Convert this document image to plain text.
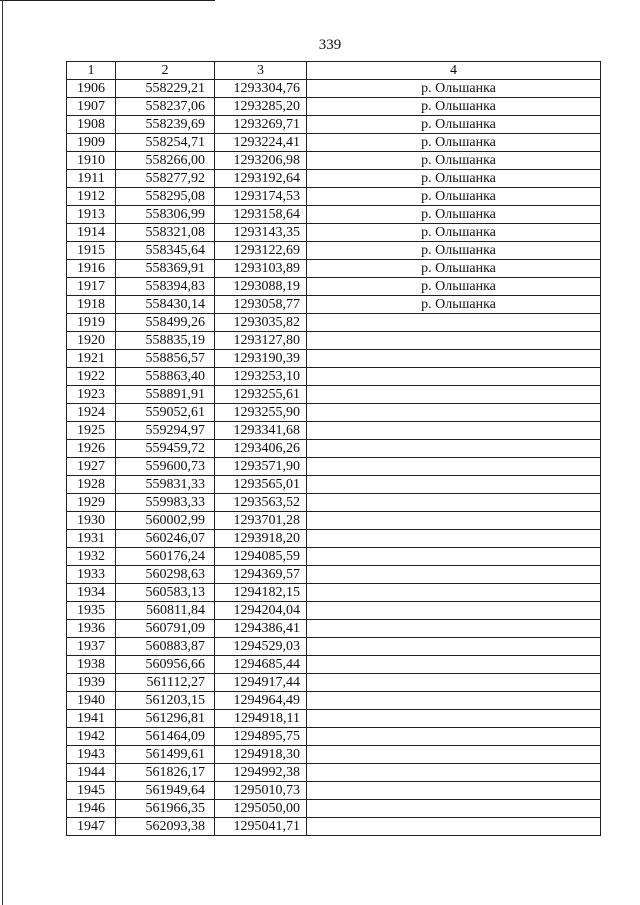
339
1	2	3	4
1906	558229,21	1293304,76	р. Ольшанка
1907	558237,06	1293285,20	р. Ольшанка
1908	558239,69	1293269,71	р. Ольшанка
1909	558254,71	1293224,41	р. Ольшанка
1910	558266,00	1293206,98	р. Ольшанка
1911	558277,92	1293192,64	р. Ольшанка
1912	558295,08	1293174,53	р. Ольшанка
1913	558306,99	1293158,64	р. Ольшанка
1914	558321,08	1293143,35	р. Ольшанка
1915	558345,64	1293122,69	р. Ольшанка
1916	558369,91	1293103,89	р. Ольшанка
1917	558394,83	1293088,19	р. Ольшанка
1918	558430,14	1293058,77	р. Ольшанка
1919	558499,26	1293035,82	
1920	558835,19	1293127,80	
1921	558856,57	1293190,39	
1922	558863,40	1293253,10	
1923	558891,91	1293255,61	
1924	559052,61	1293255,90	
1925	559294,97	1293341,68	
1926	559459,72	1293406,26	
1927	559600,73	1293571,90	
1928	559831,33	1293565,01	
1929	559983,33	1293563,52	
1930	560002,99	1293701,28	
1931	560246,07	1293918,20	
1932	560176,24	1294085,59	
1933	560298,63	1294369,57	
1934	560583,13	1294182,15	
1935	560811,84	1294204,04	
1936	560791,09	1294386,41	
1937	560883,87	1294529,03	
1938	560956,66	1294685,44	
1939	561112,27	1294917,44	
1940	561203,15	1294964,49	
1941	561296,81	1294918,11	
1942	561464,09	1294895,75	
1943	561499,61	1294918,30	
1944	561826,17	1294992,38	
1945	561949,64	1295010,73	
1946	561966,35	1295050,00	
1947	562093,38	1295041,71	
